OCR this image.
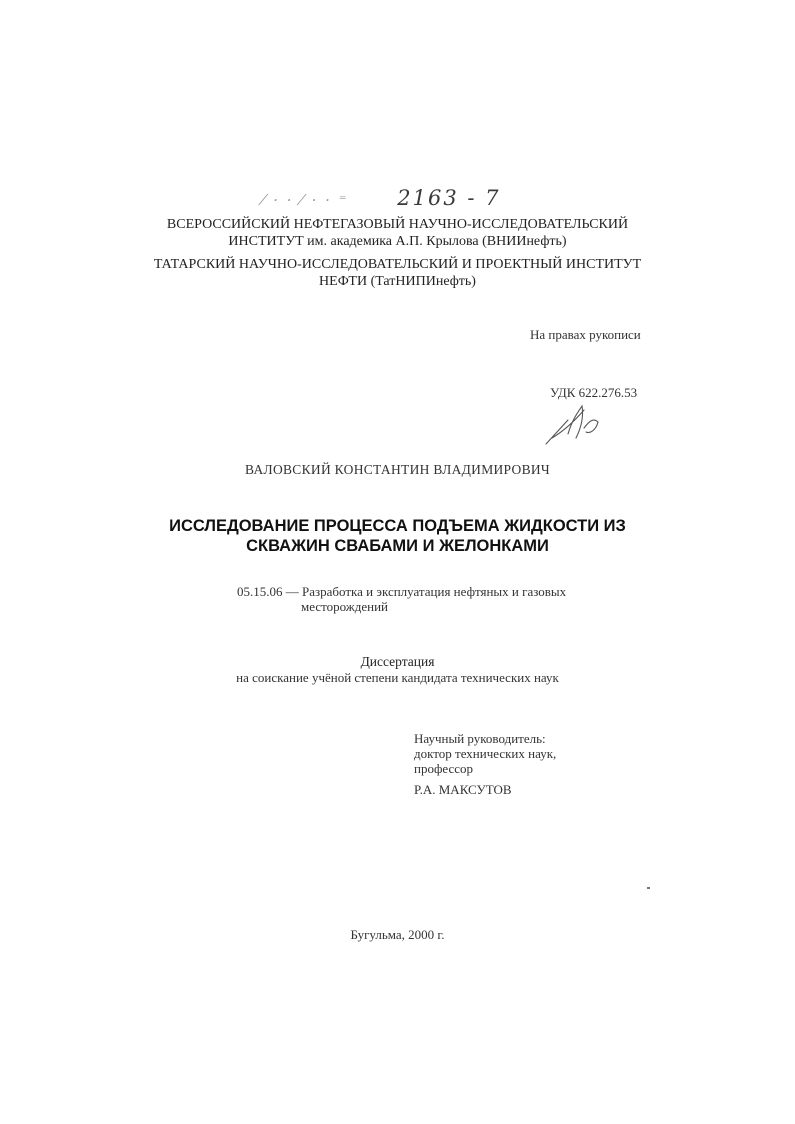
⁄ · · ⁄ · · ⁼ 2163 - 7
ВСЕРОССИЙСКИЙ НЕФТЕГАЗОВЫЙ НАУЧНО-ИССЛЕДОВАТЕЛЬСКИЙ
ИНСТИТУТ им. академика А.П. Крылова (ВНИИнефть)
ТАТАРСКИЙ НАУЧНО-ИССЛЕДОВАТЕЛЬСКИЙ И ПРОЕКТНЫЙ ИНСТИТУТ
НЕФТИ (ТатНИПИнефть)
На правах рукописи
УДК 622.276.53
ВАЛОВСКИЙ КОНСТАНТИН ВЛАДИМИРОВИЧ
ИССЛЕДОВАНИЕ ПРОЦЕССА ПОДЪЕМА ЖИДКОСТИ ИЗ
СКВАЖИН СВАБАМИ И ЖЕЛОНКАМИ
05.15.06 — Разработка и эксплуатация нефтяных и газовых
месторождений
Диссертация
на соискание учёной степени кандидата технических наук
Научный руководитель:
доктор технических наук,
профессор
Р.А. МАКСУТОВ
Бугульма, 2000 г.
